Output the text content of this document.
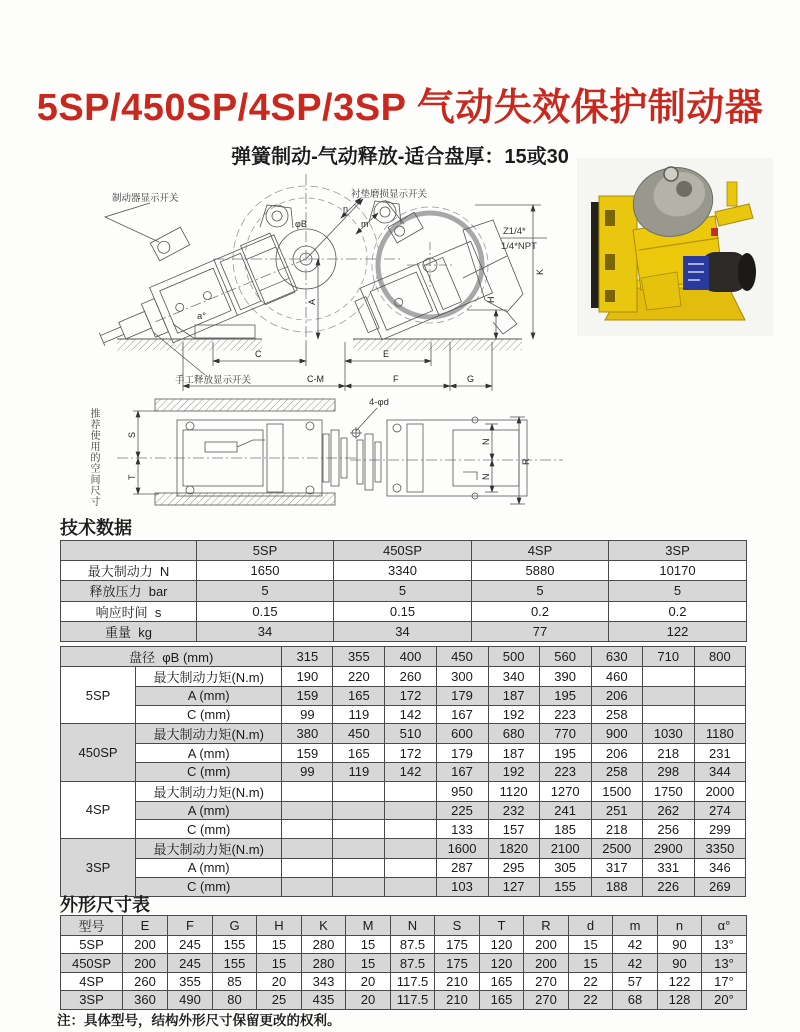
5SP/450SP/4SP/3SP 气动失效保护制动器
弹簧制动-气动释放-适合盘厚：15或30
制动器显示开关	衬垫磨损显示开关
手工释放显示开关
Z1/4*
1/4*NPT
4-φd
a°
φB
n
m
A
C	E
C-M	F	G
H
K
S
T
N
N
R
推荐使用的空间尺寸
技术数据
	5SP	450SP	4SP	3SP
最大制动力  N	1650	3340	5880	10170
释放压力  bar	5	5	5	5
响应时间  s	0.15	0.15	0.2	0.2
重量  kg	34	34	77	122
盘径  φB (mm)		315	355	400	450	500	560	630	710	800
5SP	最大制动力矩(N.m)	190	220	260	300	340	390	460		
	A (mm)	159	165	172	179	187	195	206		
	C (mm)	99	119	142	167	192	223	258		
450SP	最大制动力矩(N.m)	380	450	510	600	680	770	900	1030	1180
	A (mm)	159	165	172	179	187	195	206	218	231
	C (mm)	99	119	142	167	192	223	258	298	344
4SP	最大制动力矩(N.m)				950	1120	1270	1500	1750	2000
	A (mm)				225	232	241	251	262	274
	C (mm)				133	157	185	218	256	299
3SP	最大制动力矩(N.m)				1600	1820	2100	2500	2900	3350
	A (mm)				287	295	305	317	331	346
	C (mm)				103	127	155	188	226	269
外形尺寸表
型号	E	F	G	H	K	M	N	S	T	R	d	m	n	α°
5SP	200	245	155	15	280	15	87.5	175	120	200	15	42	90	13°
450SP	200	245	155	15	280	15	87.5	175	120	200	15	42	90	13°
4SP	260	355	85	20	343	20	117.5	210	165	270	22	57	122	17°
3SP	360	490	80	25	435	20	117.5	210	165	270	22	68	128	20°
注：具体型号，结构外形尺寸保留更改的权利。
